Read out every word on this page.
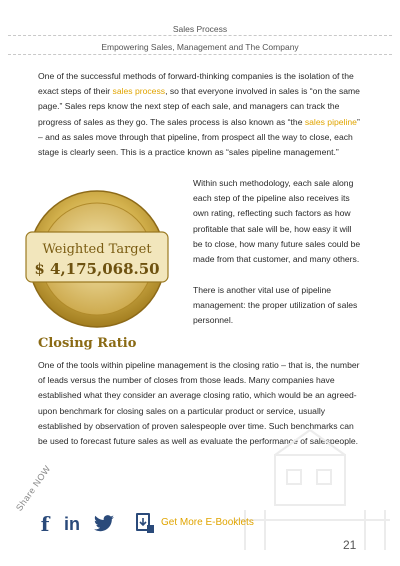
Sales Process
Empowering Sales, Management and The Company
One of the successful methods of forward-thinking companies is the isolation of the exact steps of their sales process, so that everyone involved in sales is “on the same page.” Sales reps know the next step of each sale, and managers can track the progress of sales as they go. The sales process is also known as “the sales pipeline” – and as sales move through that pipeline, from prospect all the way to close, each stage is clearly seen. This is a practice known as “sales pipeline management.”
Weighted Target
$ 4,175,068.50
Within such methodology, each sale along each step of the pipeline also receives its own rating, reflecting such factors as how profitable that sale will be, how easy it will be to close, how many future sales could be made from that customer, and many others.
There is another vital use of pipeline management: the proper utilization of sales personnel.
Closing Ratio
One of the tools within pipeline management is the closing ratio – that is, the number of leads versus the number of closes from those leads. Many companies have established what they consider an average closing ratio, which would be an agreed-upon benchmark for closing sales on a particular product or service, usually established by observation of proven salespeople over time. Such benchmarks can be used to forecast future sales as well as evaluate the performance of salespeople.
Share NOW
f in	Get More E-Booklets
21
